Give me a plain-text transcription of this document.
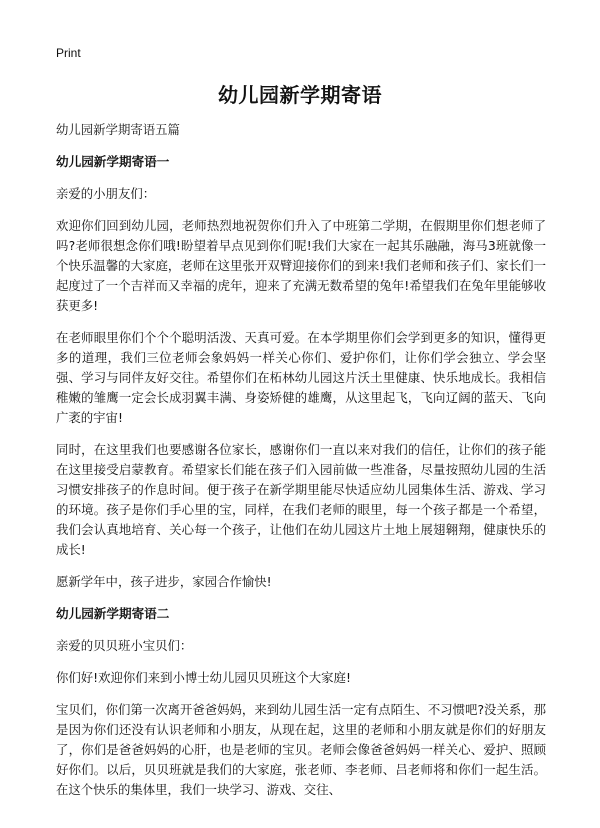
Print
幼儿园新学期寄语

幼儿园新学期寄语五篇

幼儿园新学期寄语一

亲爱的小朋友们：

欢迎你们回到幼儿园，老师热烈地祝贺你们升入了中班第二学期，在假期里你们想老师了吗?老师很想念你们哦!盼望着早点见到你们呢!我们大家在一起其乐融融，海马3班就像一个快乐温馨的大家庭，老师在这里张开双臂迎接你们的到来!我们老师和孩子们、家长们一起度过了一个吉祥而又幸福的虎年，迎来了充满无数希望的兔年!希望我们在兔年里能够收获更多!

在老师眼里你们个个个聪明活泼、天真可爱。在本学期里你们会学到更多的知识，懂得更多的道理，我们三位老师会象妈妈一样关心你们、爱护你们，让你们学会独立、学会坚强、学习与同伴友好交往。希望你们在柘林幼儿园这片沃土里健康、快乐地成长。我相信稚嫩的雏鹰一定会长成羽翼丰满、身姿矫健的雄鹰，从这里起飞，飞向辽阔的蓝天、飞向广袤的宇宙!

同时，在这里我们也要感谢各位家长，感谢你们一直以来对我们的信任，让你们的孩子能在这里接受启蒙教育。希望家长们能在孩子们入园前做一些准备，尽量按照幼儿园的生活习惯安排孩子的作息时间。便于孩子在新学期里能尽快适应幼儿园集体生活、游戏、学习的环境。孩子是你们手心里的宝，同样，在我们老师的眼里，每一个孩子都是一个希望，我们会认真地培育、关心每一个孩子，让他们在幼儿园这片土地上展翅翱翔，健康快乐的成长!

愿新学年中，孩子进步，家园合作愉快!

幼儿园新学期寄语二

亲爱的贝贝班小宝贝们：

你们好!欢迎你们来到小博士幼儿园贝贝班这个大家庭!

宝贝们，你们第一次离开爸爸妈妈，来到幼儿园生活一定有点陌生、不习惯吧?没关系，那是因为你们还没有认识老师和小朋友，从现在起，这里的老师和小朋友就是你们的好朋友了，你们是爸爸妈妈的心肝，也是老师的宝贝。老师会像爸爸妈妈一样关心、爱护、照顾好你们。以后，贝贝班就是我们的大家庭，张老师、李老师、吕老师将和你们一起生活。在这个快乐的集体里，我们一块学习、游戏、交往、
